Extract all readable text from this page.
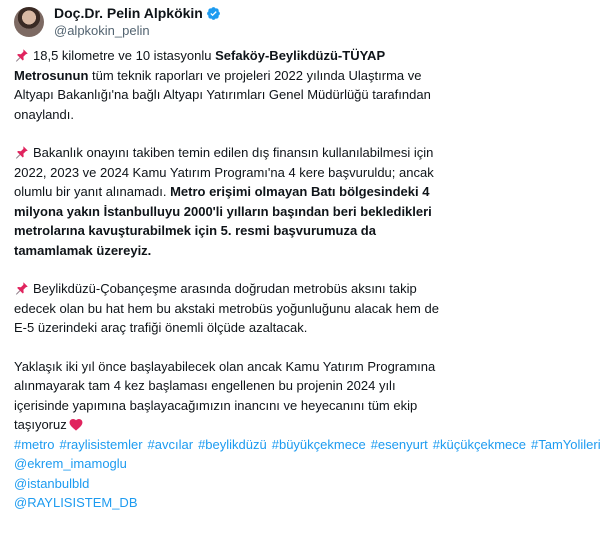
Doç.Dr. Pelin Alpkökin
@alpkokin_pelin

18,5 kilometre ve 10 istasyonlu Sefaköy-Beylikdüzü-TÜYAP Metrosunun tüm teknik raporları ve projeleri 2022 yılında Ulaştırma ve Altyapı Bakanlığı'na bağlı Altyapı Yatırımları Genel Müdürlüğü tarafından onaylandı.

Bakanlık onayını takiben temin edilen dış finansın kullanılabilmesi için 2022, 2023 ve 2024 Kamu Yatırım Programı'na 4 kere başvuruldu; ancak olumlu bir yanıt alınamadı. Metro erişimi olmayan Batı bölgesindeki 4 milyona yakın İstanbulluyu 2000'li yılların başından beri bekledikleri metrolarına kavuşturabilmek için 5. resmi başvurumuza da tamamlamak üzereyiz.

Beylikdüzü-Çobançeşme arasında doğrudan metrobüs aksını takip edecek olan bu hat hem bu akstaki metrobüs yoğunluğunu alacak hem de E-5 üzerindeki araç trafiği önemli ölçüde azaltacak.

Yaklaşık iki yıl önce başlayabilecek olan ancak Kamu Yatırım Programına alınmayarak tam 4 kez başlaması engellenen bu projenin 2024 yılı içerisinde yapımına başlayacağımızın inancını ve heyecanını tüm ekip taşıyoruz

#metro #raylisistemler #avcılar #beylikdüzü #büyükçekmece #esenyurt #küçükçekmece #TamYolileri
@ekrem_imamoglu
@istanbulbld
@RAYLISISTEM_DB
